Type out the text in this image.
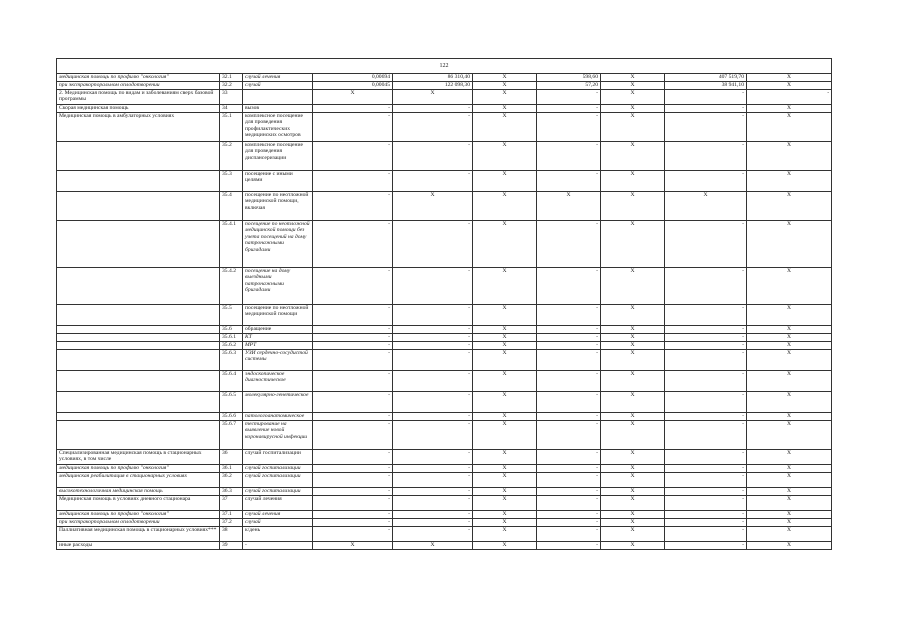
122									
медицинская помощь по профилю "онкология"	32.1	случай лечения	0,00694	86 310,40	X	598,60	X	407 519,70	X
при экстракорпоральном оплодотворении	32.2	случай	0,00045	122 098,30	X	57,20	X	38 941,10	X
2. Медицинская помощь по видам и заболеваниям сверх базовой программы	33		X	X	X	-	X	-	-
Скорая медицинская помощь	34	вызов	-	-	X	-	X	-	X
Медицинская помощь в амбулаторных условиях	35.1	комплексное посещение для проведения профилактических медицинских осмотров	-	-	X	-	X	-	X
	35.2	комплексное посещение для проведения диспансеризации	-	-	X	-	X	-	X
	35.3	посещение с иными целями	-	-	X	-	X	-	X
	35.4	посещение по неотложной медицинской помощи, включая	-	X	X	X	X	X	X
	35.4.1	посещение по неотложной медицинской помощи без учета посещений на дому патронажными бригадами	-	-	X	-	X	-	X
	35.4.2	посещение на дому выездными патронажными бригадами	-	-	X	-	X	-	X
	35.5	посещение по неотложной медицинской помощи	-	-	X	-	X	-	X
	35.6	обращение	-	-	X	-	X	-	X
	35.6.1	КТ	-	-	X	-	X	-	X
	35.6.2	МРТ	-	-	X	-	X	-	X
	35.6.3	УЗИ сердечно-сосудистой системы	-	-	X	-	X	-	X
	35.6.4	эндоскопическое диагностическое	-	-	X	-	X	-	X
	35.6.5	молекулярно-генетическое	-	-	X	-	X	-	X
	35.6.6	патологоанатомическое	-	-	X	-	X	-	X
	35.6.7	тестирование на выявление новой коронавирусной инфекции	-	-	X	-	X	-	X
Специализированная медицинская помощь в стационарных условиях, в том числе	36	случай госпитализации	-	-	X	-	X	-	X
медицинская помощь по профилю "онкология"	36.1	случай госпитализации	-	-	X	-	X	-	X
медицинская реабилитация в стационарных условиях	36.2	случай госпитализации	-	-	X	-	X	-	X
высокотехнологичная медицинская помощь	36.3	случай госпитализации	-	-	X	-	X	-	X
Медицинская помощь в условиях дневного стационара	37	случай лечения	-	-	X	-	X	-	X
медицинская помощь по профилю "онкология"	37.1	случай лечения	-	-	X	-	X	-	X
при экстракорпоральном оплодотворении	37.2	случай	-	-	X	-	X	-	X
Паллиативная медицинская помощь в стационарных условиях***	38	к/день	-	-	X	-	X	-	X
иные расходы	39	-	X	X	X	-	X	-	X
